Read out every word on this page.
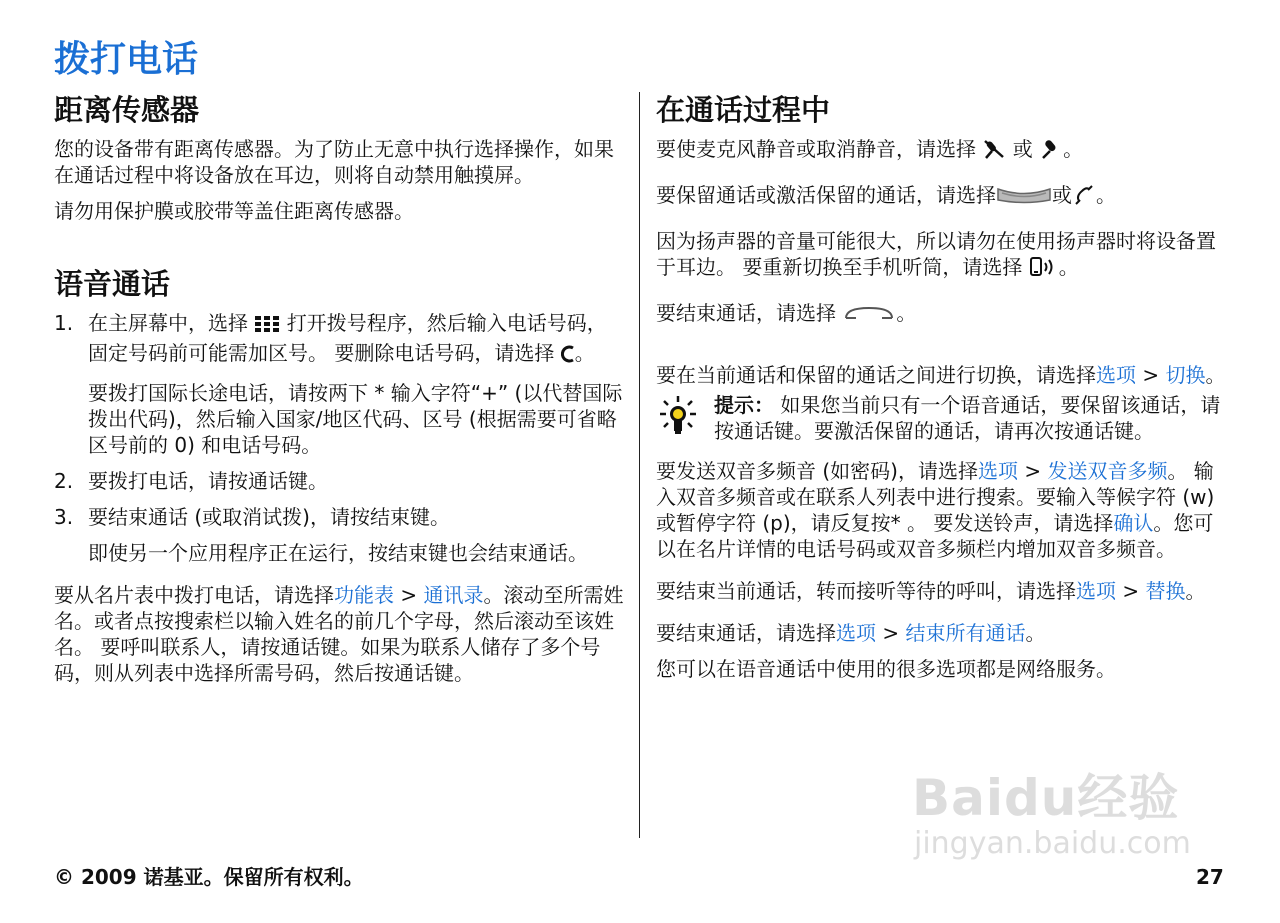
拨打电话
距离传感器

您的设备带有距离传感器。为了防止无意中执行选择操作，如果在通话过程中将设备放在耳边，则将自动禁用触摸屏。

请勿用保护膜或胶带等盖住距离传感器。

语音通话
1. 在主屏幕中，选择  打开拨号程序，然后输入电话号码，固定号码前可能需加区号。 要删除电话号码，请选择 。

要拨打国际长途电话，请按两下 * 输入字符“+” (以代替国际拨出代码)，然后输入国家/地区代码、区号 (根据需要可省略区号前的 0) 和电话号码。

2. 要拨打电话，请按通话键。
3. 要结束通话 (或取消试拨)，请按结束键。

即使另一个应用程序正在运行，按结束键也会结束通话。

要从名片表中拨打电话，请选择功能表 > 通讯录。滚动至所需姓名。或者点按搜索栏以输入姓名的前几个字母，然后滚动至该姓名。 要呼叫联系人，请按通话键。如果为联系人储存了多个号码，则从列表中选择所需号码，然后按通话键。

在通话过程中

要使麦克风静音或取消静音，请选择  或 。

要保留通话或激活保留的通话，请选择	或 。

因为扬声器的音量可能很大，所以请勿在使用扬声器时将设备置于耳边。 要重新切换至手机听筒，请选择 。

要结束通话，请选择	。

要在当前通话和保留的通话之间进行切换，请选择选项 > 切换。

提示： 如果您当前只有一个语音通话，要保留该通话，请按通话键。要激活保留的通话，请再次按通话键。

要发送双音多频音 (如密码)，请选择选项 > 发送双音多频。 输入双音多频音或在联系人列表中进行搜索。要输入等候字符 (w) 或暂停字符 (p)，请反复按* 。 要发送铃声，请选择确认。您可以在名片详情的电话号码或双音多频栏内增加双音多频音。

要结束当前通话，转而接听等待的呼叫，请选择选项 > 替换。

要结束通话，请选择选项 > 结束所有通话。

您可以在语音通话中使用的很多选项都是网络服务。

Baidu经验
jingyan.baidu.com
© 2009 诺基亚。保留所有权利。	27
